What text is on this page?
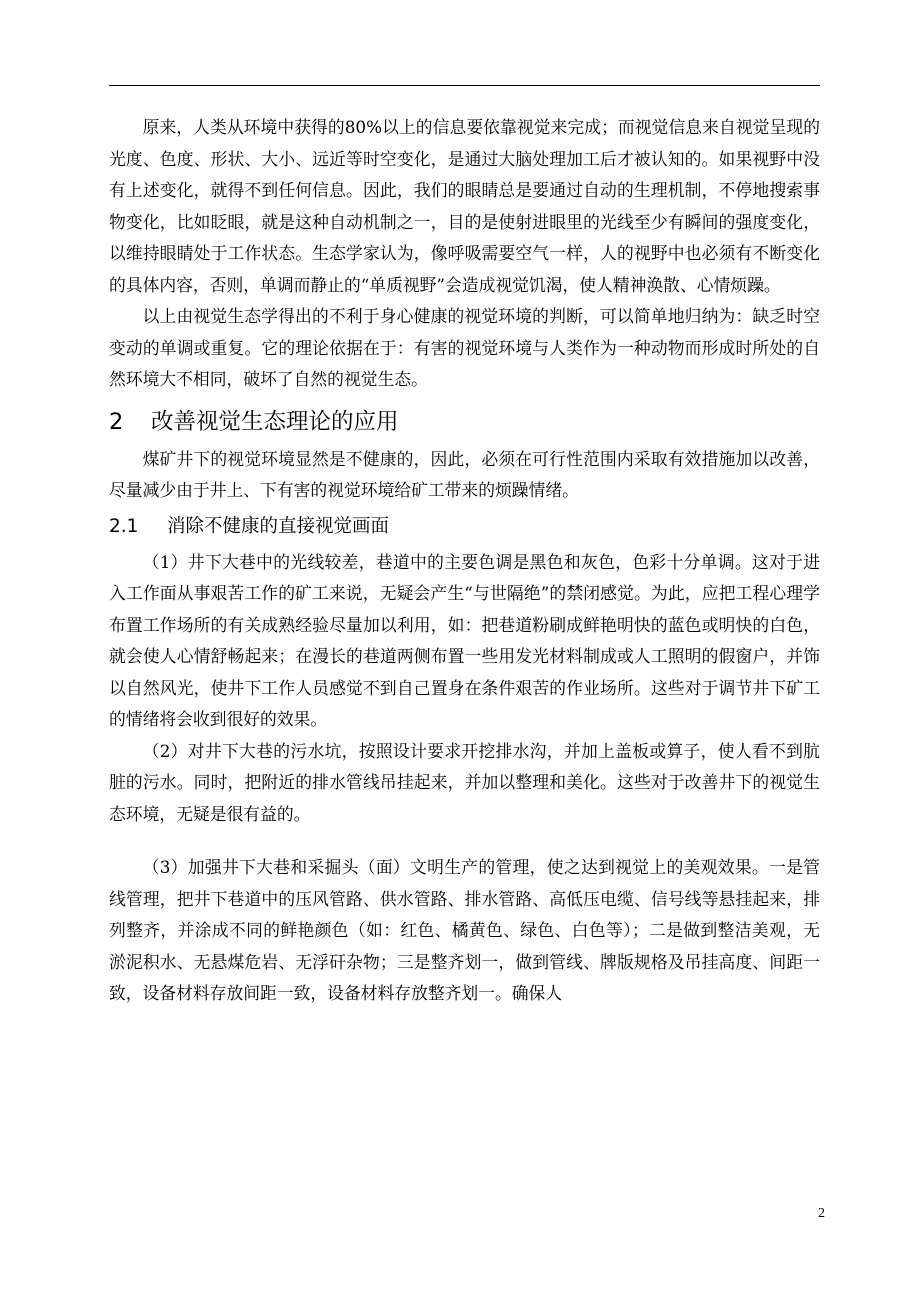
原来，人类从环境中获得的80%以上的信息要依靠视觉来完成；而视觉信息来自视觉呈现的光度、色度、形状、大小、远近等时空变化，是通过大脑处理加工后才被认知的。如果视野中没有上述变化，就得不到任何信息。因此，我们的眼睛总是要通过自动的生理机制，不停地搜索事物变化，比如眨眼，就是这种自动机制之一，目的是使射进眼里的光线至少有瞬间的强度变化，以维持眼睛处于工作状态。生态学家认为，像呼吸需要空气一样，人的视野中也必须有不断变化的具体内容，否则，单调而静止的“单质视野”会造成视觉饥渴，使人精神涣散、心情烦躁。

以上由视觉生态学得出的不利于身心健康的视觉环境的判断，可以简单地归纳为：缺乏时空变动的单调或重复。它的理论依据在于：有害的视觉环境与人类作为一种动物而形成时所处的自然环境大不相同，破坏了自然的视觉生态。

2 改善视觉生态理论的应用

煤矿井下的视觉环境显然是不健康的，因此，必须在可行性范围内采取有效措施加以改善，尽量减少由于井上、下有害的视觉环境给矿工带来的烦躁情绪。

2.1 消除不健康的直接视觉画面

（1）井下大巷中的光线较差，巷道中的主要色调是黑色和灰色，色彩十分单调。这对于进入工作面从事艰苦工作的矿工来说，无疑会产生“与世隔绝”的禁闭感觉。为此，应把工程心理学布置工作场所的有关成熟经验尽量加以利用，如：把巷道粉刷成鲜艳明快的蓝色或明快的白色，就会使人心情舒畅起来；在漫长的巷道两侧布置一些用发光材料制成或人工照明的假窗户，并饰以自然风光，使井下工作人员感觉不到自己置身在条件艰苦的作业场所。这些对于调节井下矿工的情绪将会收到很好的效果。

（2）对井下大巷的污水坑，按照设计要求开挖排水沟，并加上盖板或算子，使人看不到肮脏的污水。同时，把附近的排水管线吊挂起来，并加以整理和美化。这些对于改善井下的视觉生态环境，无疑是很有益的。

（3）加强井下大巷和采掘头（面）文明生产的管理，使之达到视觉上的美观效果。一是管线管理，把井下巷道中的压风管路、供水管路、排水管路、高低压电缆、信号线等悬挂起来，排列整齐，并涂成不同的鲜艳颜色（如：红色、橘黄色、绿色、白色等）；二是做到整洁美观，无淤泥积水、无悬煤危岩、无浮矸杂物；三是整齐划一，做到管线、牌版规格及吊挂高度、间距一致，设备材料存放间距一致，设备材料存放整齐划一。确保人

2
